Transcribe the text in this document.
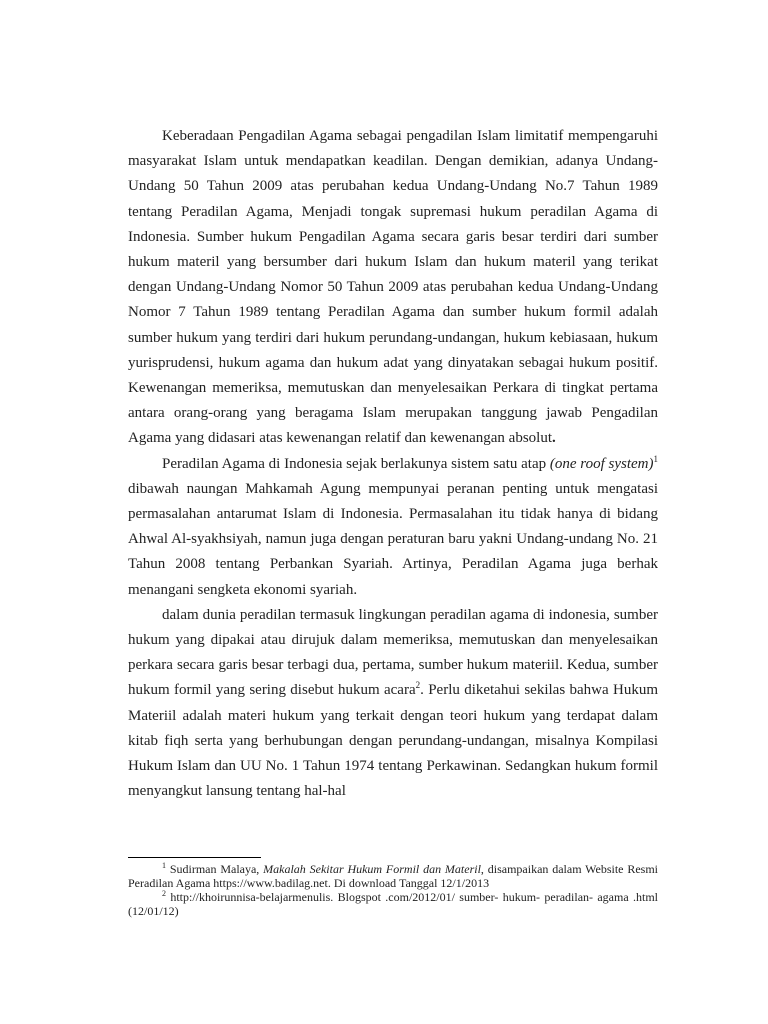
Keberadaan Pengadilan Agama sebagai pengadilan Islam limitatif mempengaruhi masyarakat Islam untuk mendapatkan keadilan. Dengan demikian, adanya Undang-Undang 50 Tahun 2009 atas perubahan kedua Undang-Undang No.7 Tahun 1989 tentang Peradilan Agama, Menjadi tongak supremasi hukum peradilan Agama di Indonesia. Sumber hukum Pengadilan Agama secara garis besar terdiri dari sumber hukum materil yang bersumber dari hukum Islam dan hukum materil yang terikat dengan Undang-Undang Nomor 50 Tahun 2009 atas perubahan kedua Undang-Undang Nomor 7 Tahun 1989 tentang Peradilan Agama dan sumber hukum formil adalah sumber hukum yang terdiri dari hukum perundang-undangan, hukum kebiasaan, hukum yurisprudensi, hukum agama dan hukum adat yang dinyatakan sebagai hukum positif. Kewenangan memeriksa, memutuskan dan menyelesaikan Perkara di tingkat pertama antara orang-orang yang beragama Islam merupakan tanggung jawab Pengadilan Agama yang didasari atas kewenangan relatif dan kewenangan absolut.

Peradilan Agama di Indonesia sejak berlakunya sistem satu atap (one roof system)$^1$ dibawah naungan Mahkamah Agung mempunyai peranan penting untuk mengatasi permasalahan antarumat Islam di Indonesia. Permasalahan itu tidak hanya di bidang Ahwal Al-syakhsiyah, namun juga dengan peraturan baru yakni Undang-undang No. 21 Tahun 2008 tentang Perbankan Syariah. Artinya, Peradilan Agama juga berhak menangani sengketa ekonomi syariah.

dalam dunia peradilan termasuk lingkungan peradilan agama di indonesia, sumber hukum yang dipakai atau dirujuk dalam memeriksa, memutuskan dan menyelesaikan perkara secara garis besar terbagi dua, pertama, sumber hukum materiil. Kedua, sumber hukum formil yang sering disebut hukum acara$^2$. Perlu diketahui sekilas bahwa Hukum Materiil adalah materi hukum yang terkait dengan teori hukum yang terdapat dalam kitab fiqh serta yang berhubungan dengan perundang-undangan, misalnya Kompilasi Hukum Islam dan UU No. 1 Tahun 1974 tentang Perkawinan. Sedangkan hukum formil menyangkut lansung tentang hal-hal

$^1$ Sudirman Malaya, Makalah Sekitar Hukum Formil dan Materil, disampaikan dalam Website Resmi Peradilan Agama https://www.badilag.net. Di download Tanggal 12/1/2013

$^2$ http://khoirunnisa-belajarmenulis. Blogspot .com/2012/01/ sumber- hukum- peradilan- agama .html (12/01/12)
